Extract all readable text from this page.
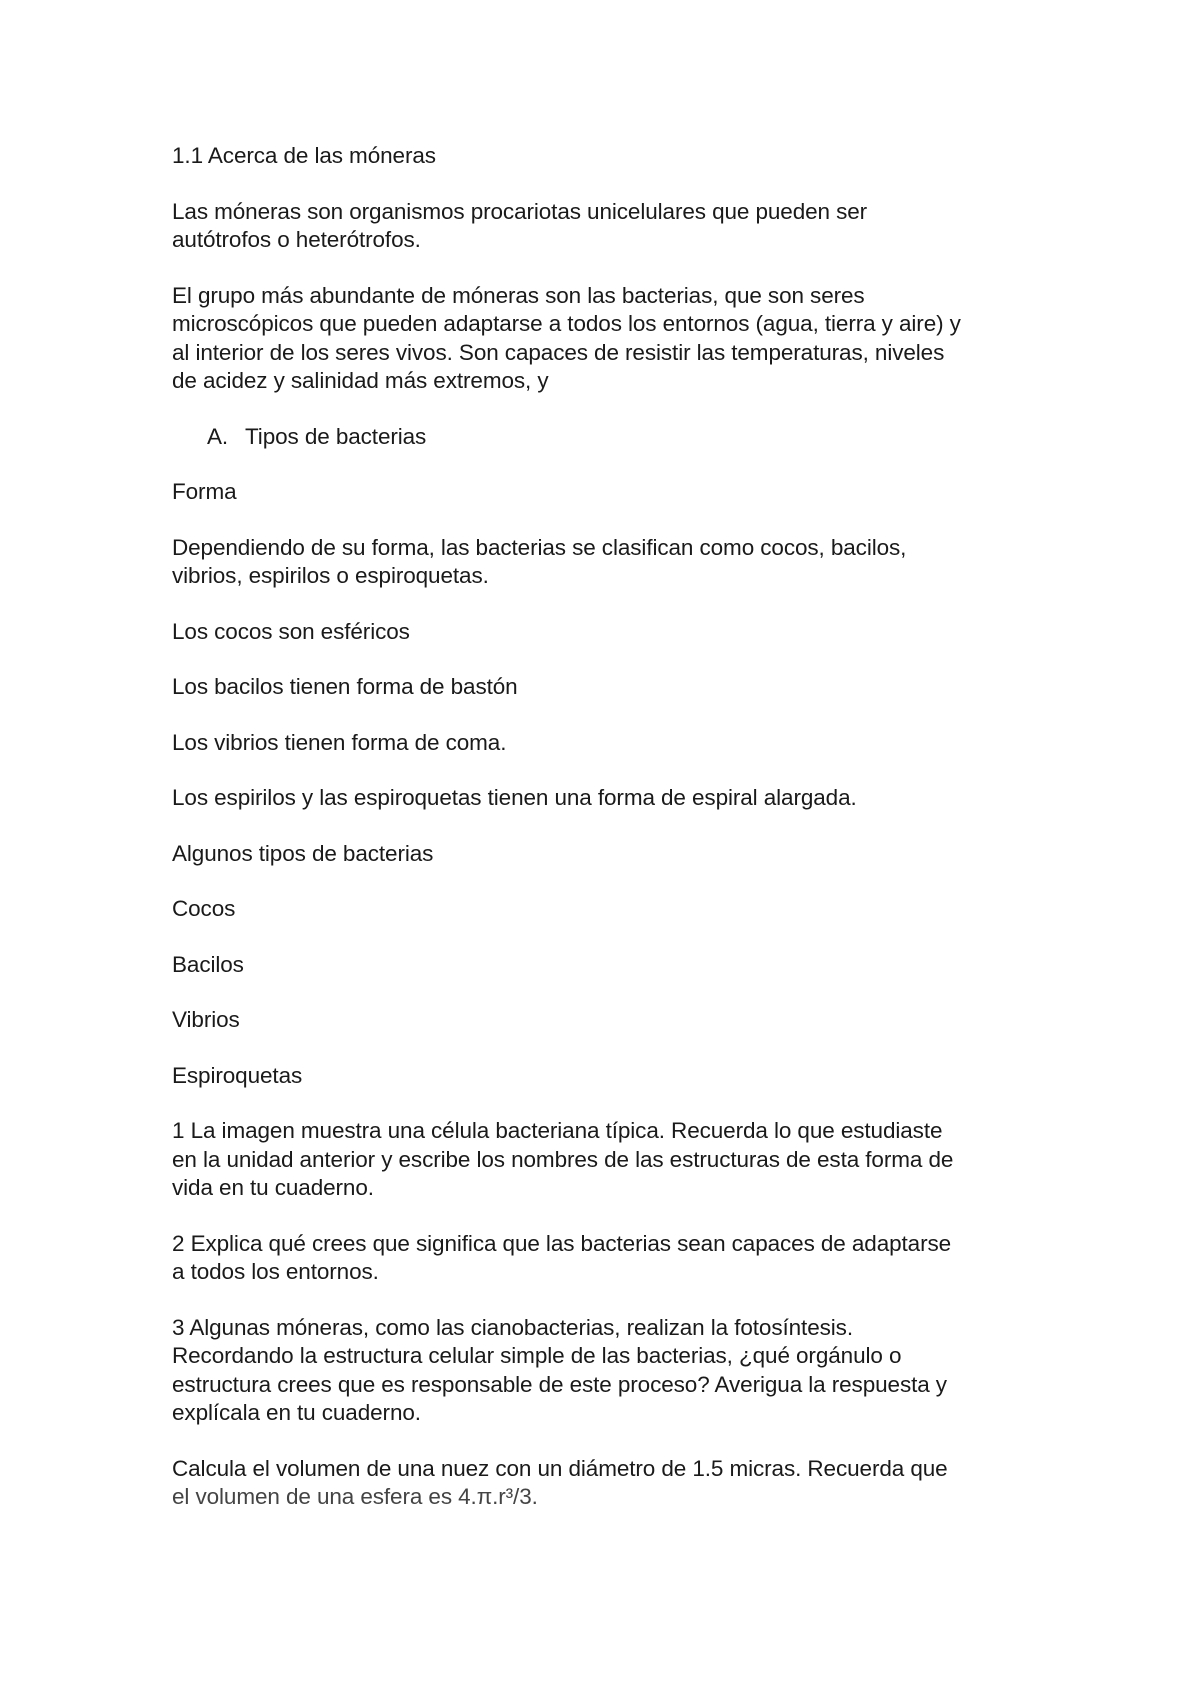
1.1 Acerca de las móneras

Las móneras son organismos procariotas unicelulares que pueden ser
autótrofos o heterótrofos.

El grupo más abundante de móneras son las bacterias, que son seres
microscópicos que pueden adaptarse a todos los entornos (agua, tierra y aire) y
al interior de los seres vivos. Son capaces de resistir las temperaturas, niveles
de acidez y salinidad más extremos, y

A. Tipos de bacterias

Forma

Dependiendo de su forma, las bacterias se clasifican como cocos, bacilos,
vibrios, espirilos o espiroquetas.

Los cocos son esféricos

Los bacilos tienen forma de bastón

Los vibrios tienen forma de coma.

Los espirilos y las espiroquetas tienen una forma de espiral alargada.

Algunos tipos de bacterias

Cocos

Bacilos

Vibrios

Espiroquetas

1 La imagen muestra una célula bacteriana típica. Recuerda lo que estudiaste
en la unidad anterior y escribe los nombres de las estructuras de esta forma de
vida en tu cuaderno.

2 Explica qué crees que significa que las bacterias sean capaces de adaptarse
a todos los entornos.

3 Algunas móneras, como las cianobacterias, realizan la fotosíntesis.
Recordando la estructura celular simple de las bacterias, ¿qué orgánulo o
estructura crees que es responsable de este proceso? Averigua la respuesta y
explícala en tu cuaderno.

Calcula el volumen de una nuez con un diámetro de 1.5 micras. Recuerda que
el volumen de una esfera es 4.π.r³/3.
